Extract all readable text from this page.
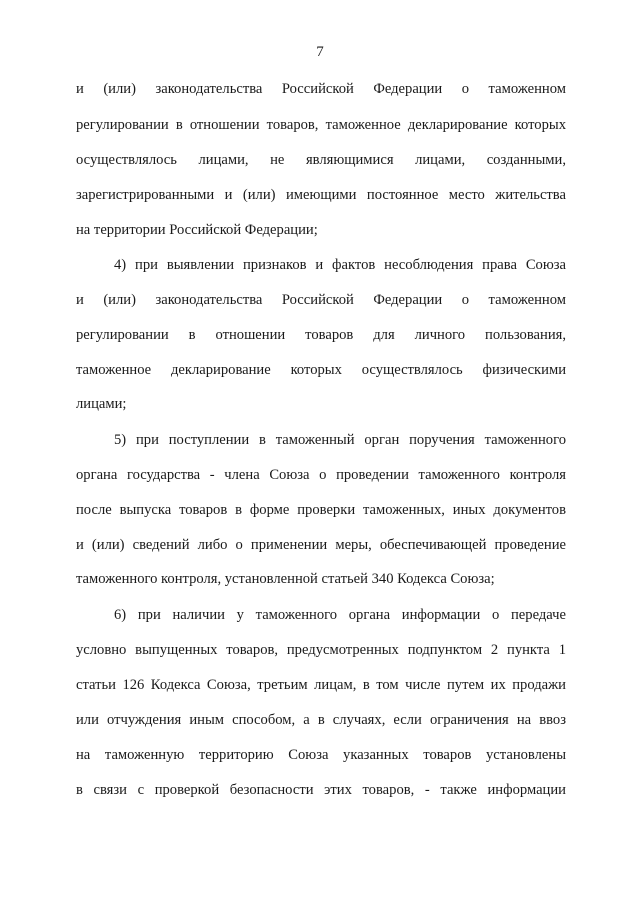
7
и (или) законодательства Российской Федерации о таможенном
регулировании в отношении товаров, таможенное декларирование которых
осуществлялось лицами, не являющимися лицами, созданными,
зарегистрированными и (или) имеющими постоянное место жительства
на территории Российской Федерации;
4) при выявлении признаков и фактов несоблюдения права Союза
и (или) законодательства Российской Федерации о таможенном
регулировании в отношении товаров для личного пользования,
таможенное декларирование которых осуществлялось физическими
лицами;
5) при поступлении в таможенный орган поручения таможенного
органа государства - члена Союза о проведении таможенного контроля
после выпуска товаров в форме проверки таможенных, иных документов
и (или) сведений либо о применении меры, обеспечивающей проведение
таможенного контроля, установленной статьей 340 Кодекса Союза;
6) при наличии у таможенного органа информации о передаче
условно выпущенных товаров, предусмотренных подпунктом 2 пункта 1
статьи 126 Кодекса Союза, третьим лицам, в том числе путем их продажи
или отчуждения иным способом, а в случаях, если ограничения на ввоз
на таможенную территорию Союза указанных товаров установлены
в связи с проверкой безопасности этих товаров, - также информации
